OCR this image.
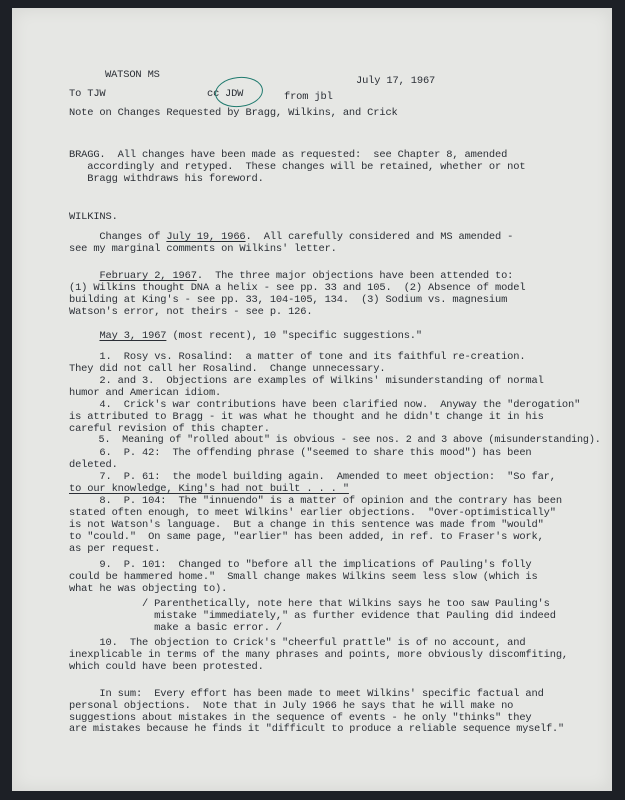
WATSON MS	July 17, 1967
To TJW	cc JDW	from jbl
Note on Changes Requested by Bragg, Wilkins, and Crick
BRAGG.  All changes have been made as requested:  see Chapter 8, amended
accordingly and retyped.  These changes will be retained, whether or not
Bragg withdraws his foreword.
WILKINS.
Changes of July 19, 1966.  All carefully considered and MS amended -
see my marginal comments on Wilkins' letter.
February 2, 1967.  The three major objections have been attended to:
(1) Wilkins thought DNA a helix - see pp. 33 and 105.  (2) Absence of model
building at King's - see pp. 33, 104-105, 134.  (3) Sodium vs. magnesium
Watson's error, not theirs - see p. 126.
May 3, 1967 (most recent), 10 "specific suggestions."
1.  Rosy vs. Rosalind:  a matter of tone and its faithful re-creation.
They did not call her Rosalind.  Change unnecessary.
2. and 3.  Objections are examples of Wilkins' misunderstanding of normal
humor and American idiom.
4.  Crick's war contributions have been clarified now.  Anyway the "derogation"
is attributed to Bragg - it was what he thought and he didn't change it in his
careful revision of this chapter.
5.  Meaning of "rolled about" is obvious - see nos. 2 and 3 above (misunderstanding).
6.  P. 42:  The offending phrase ("seemed to share this mood") has been
deleted.
7.  P. 61:  the model building again.  Amended to meet objection:  "So far,
to our knowledge, King's had not built . . . "
8.  P. 104:  The "innuendo" is a matter of opinion and the contrary has been
stated often enough, to meet Wilkins' earlier objections.  "Over-optimistically"
is not Watson's language.  But a change in this sentence was made from "would"
to "could."  On same page, "earlier" has been added, in ref. to Fraser's work,
as per request.
9.  P. 101:  Changed to "before all the implications of Pauling's folly
could be hammered home."  Small change makes Wilkins seem less slow (which is
what he was objecting to).
/ Parenthetically, note here that Wilkins says he too saw Pauling's
mistake "immediately," as further evidence that Pauling did indeed
make a basic error. /
10.  The objection to Crick's "cheerful prattle" is of no account, and
inexplicable in terms of the many phrases and points, more obviously discomfiting,
which could have been protested.
In sum:  Every effort has been made to meet Wilkins' specific factual and
personal objections.  Note that in July 1966 he says that he will make no
suggestions about mistakes in the sequence of events - he only "thinks" they
are mistakes because he finds it "difficult to produce a reliable sequence myself."
